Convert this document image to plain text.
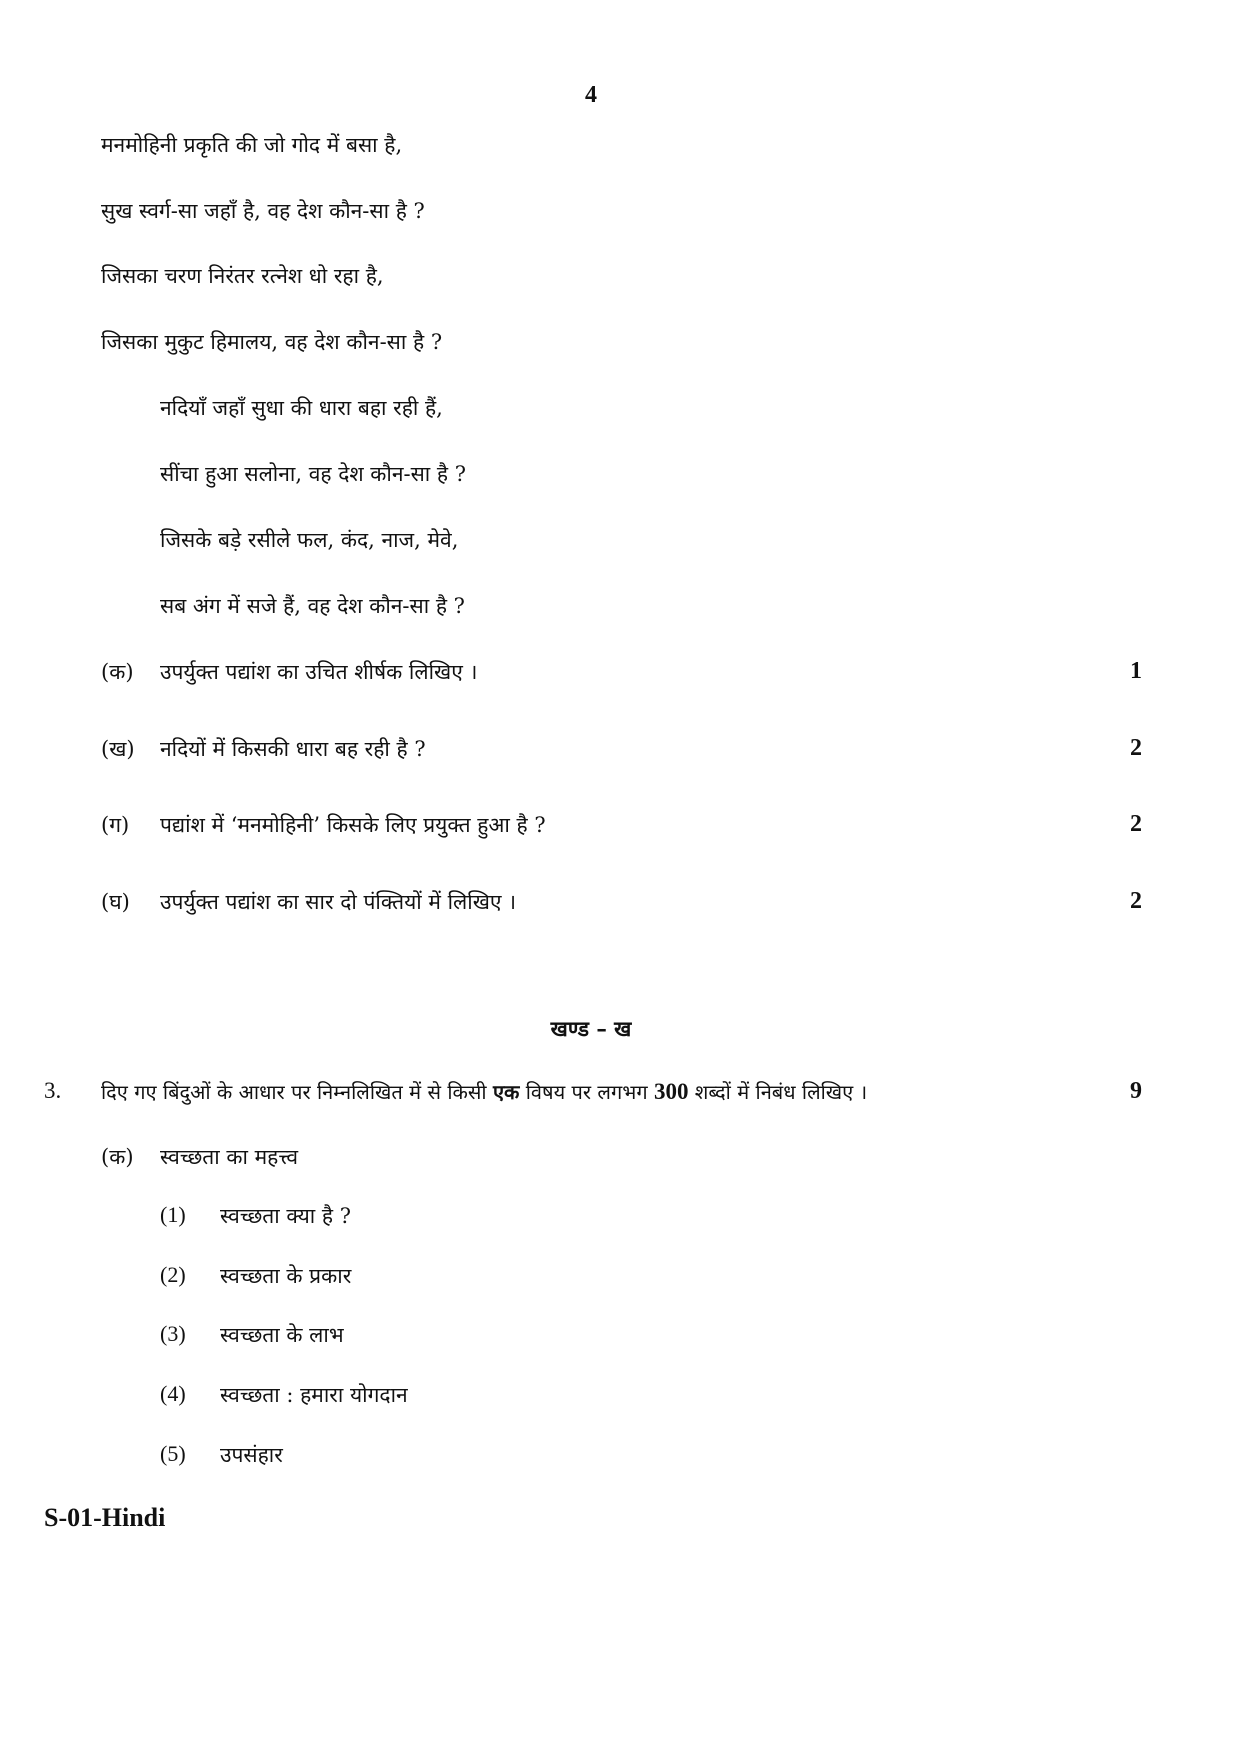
4
मनमोहिनी प्रकृति की जो गोद में बसा है,
सुख स्वर्ग-सा जहाँ है, वह देश कौन-सा है ?
जिसका चरण निरंतर रत्नेश धो रहा है,
जिसका मुकुट हिमालय, वह देश कौन-सा है ?
नदियाँ जहाँ सुधा की धारा बहा रही हैं,
सींचा हुआ सलोना, वह देश कौन-सा है ?
जिसके बड़े रसीले फल, कंद, नाज, मेवे,
सब अंग में सजे हैं, वह देश कौन-सा है ?
(क) उपर्युक्त पद्यांश का उचित शीर्षक लिखिए ।	1
(ख) नदियों में किसकी धारा बह रही है ?	2
(ग) पद्यांश में ‘मनमोहिनी’ किसके लिए प्रयुक्त हुआ है ?	2
(घ) उपर्युक्त पद्यांश का सार दो पंक्तियों में लिखिए ।	2
खण्ड – ख
3. दिए गए बिंदुओं के आधार पर निम्नलिखित में से किसी एक विषय पर लगभग 300 शब्दों में निबंध लिखिए ।	9
(क) स्वच्छता का महत्त्व
(1) स्वच्छता क्या है ?
(2) स्वच्छता के प्रकार
(3) स्वच्छता के लाभ
(4) स्वच्छता : हमारा योगदान
(5) उपसंहार
S-01-Hindi
